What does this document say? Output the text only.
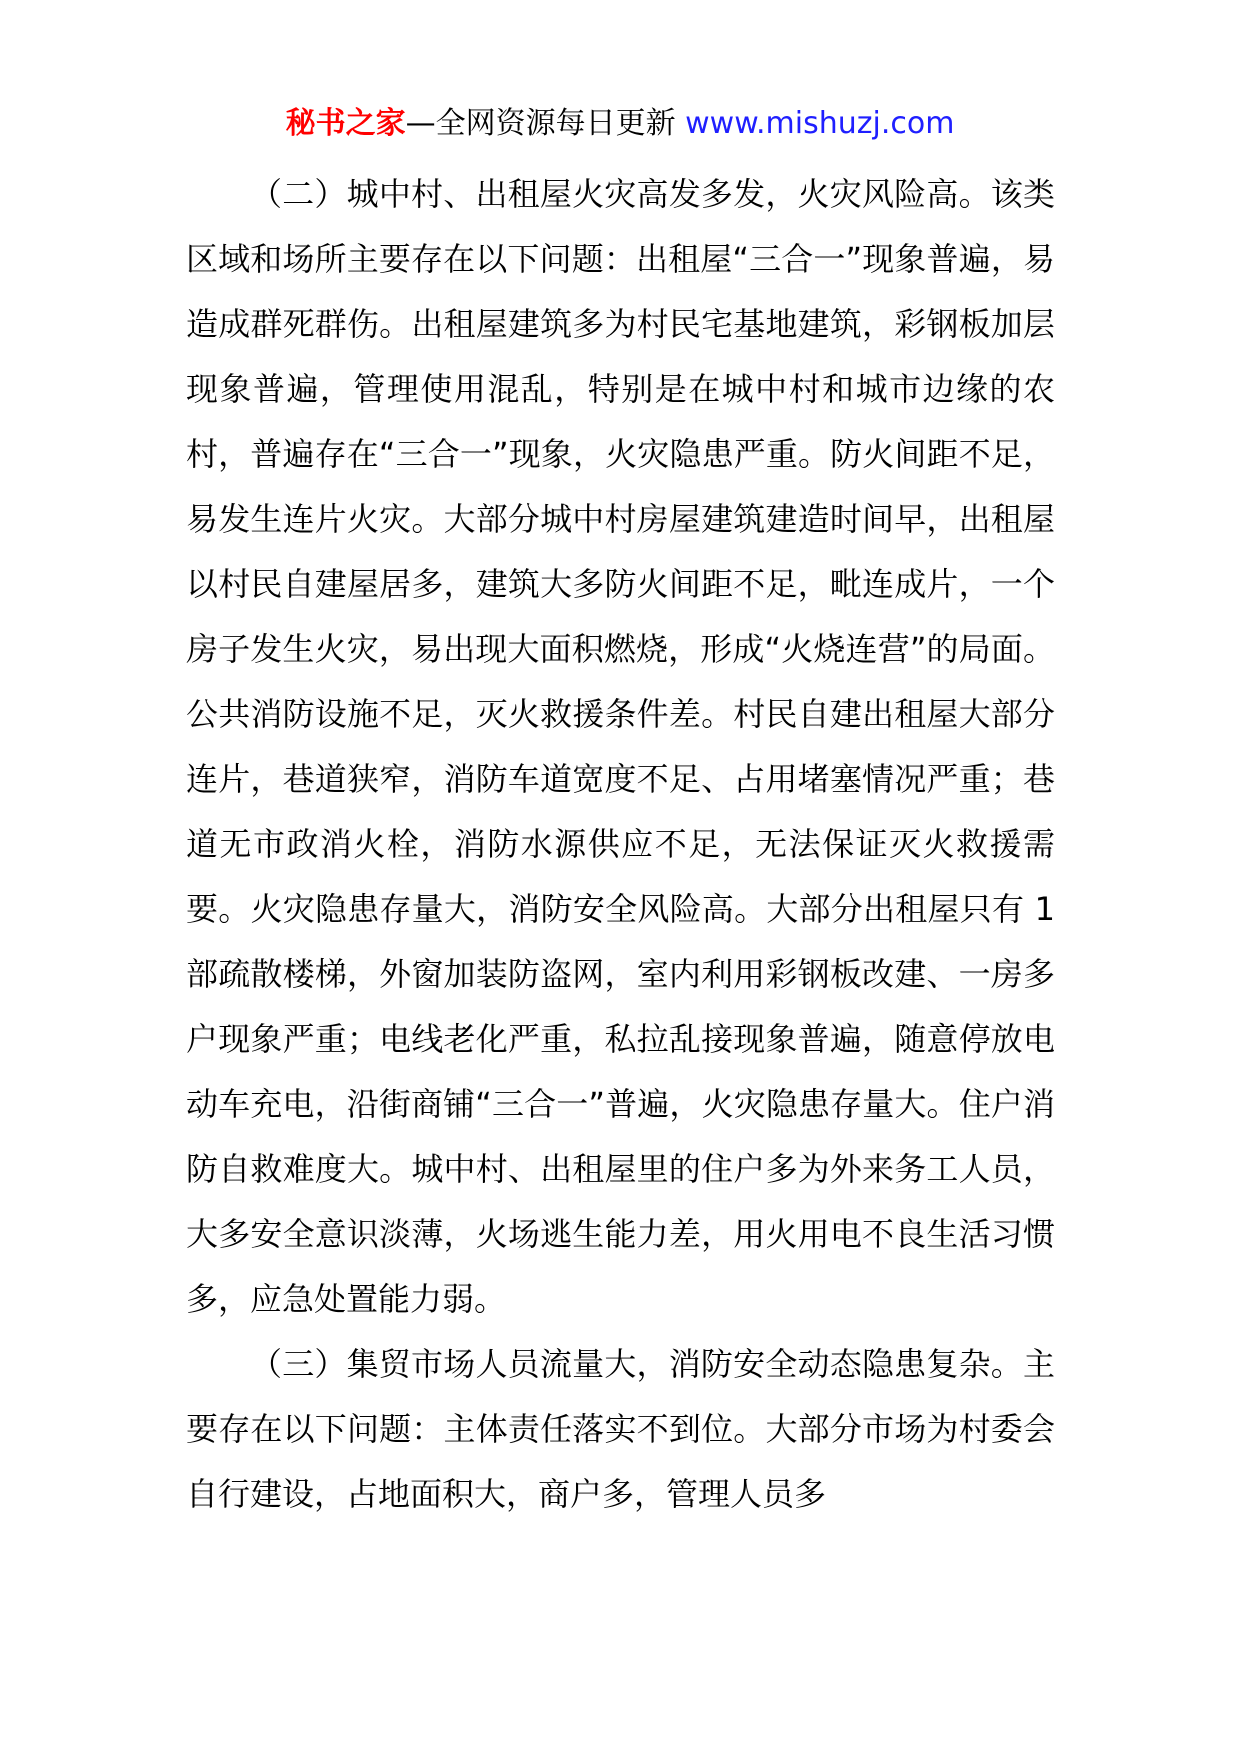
秘书之家—全网资源每日更新 www.mishuzj.com

（二）城中村、出租屋火灾高发多发，火灾风险高。该类区域和场所主要存在以下问题：出租屋“三合一”现象普遍，易造成群死群伤。出租屋建筑多为村民宅基地建筑，彩钢板加层现象普遍，管理使用混乱，特别是在城中村和城市边缘的农村，普遍存在“三合一”现象，火灾隐患严重。防火间距不足，易发生连片火灾。大部分城中村房屋建筑建造时间早，出租屋以村民自建屋居多，建筑大多防火间距不足，毗连成片，一个房子发生火灾，易出现大面积燃烧，形成“火烧连营”的局面。公共消防设施不足，灭火救援条件差。村民自建出租屋大部分连片，巷道狭窄，消防车道宽度不足、占用堵塞情况严重；巷道无市政消火栓，消防水源供应不足，无法保证灭火救援需要。火灾隐患存量大，消防安全风险高。大部分出租屋只有 1 部疏散楼梯，外窗加装防盗网，室内利用彩钢板改建、一房多户现象严重；电线老化严重，私拉乱接现象普遍，随意停放电动车充电，沿街商铺“三合一”普遍，火灾隐患存量大。住户消防自救难度大。城中村、出租屋里的住户多为外来务工人员，大多安全意识淡薄，火场逃生能力差，用火用电不良生活习惯多，应急处置能力弱。

（三）集贸市场人员流量大，消防安全动态隐患复杂。主要存在以下问题：主体责任落实不到位。大部分市场为村委会自行建设，占地面积大，商户多，管理人员多
